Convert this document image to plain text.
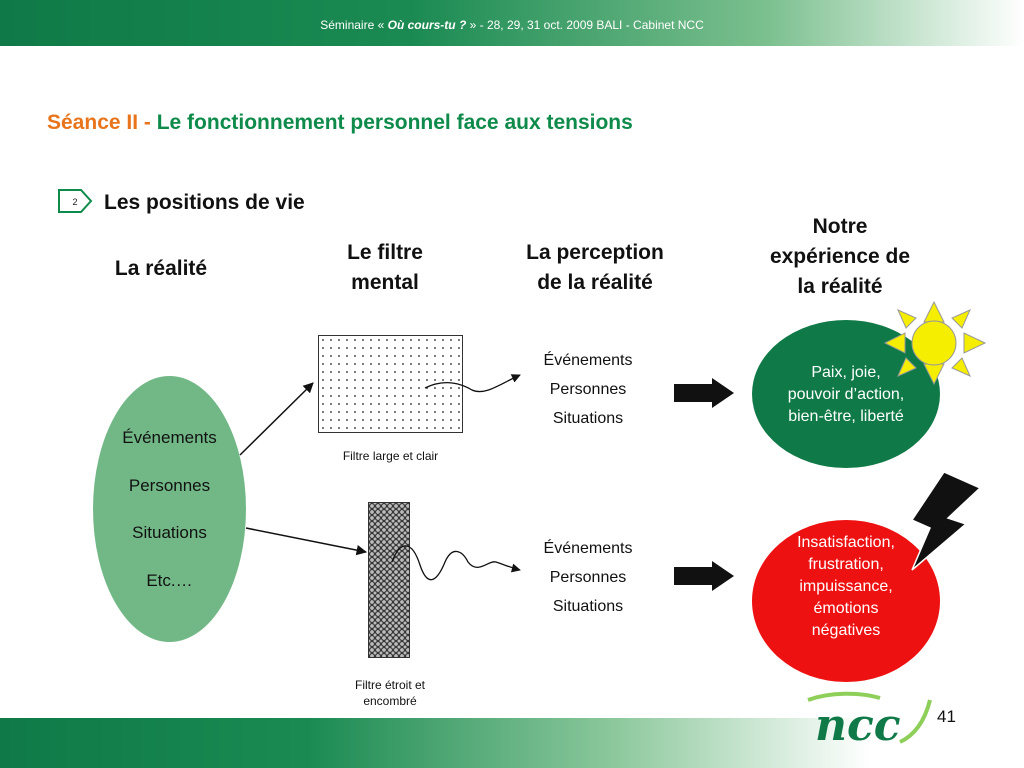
Séminaire « Où cours-tu ? » - 28, 29, 31 oct. 2009 BALI - Cabinet NCC
Séance II - Le fonctionnement personnel face aux tensions
2	Les positions de vie
La réalité
Le filtre
mental
La perception
de la réalité
Notre
expérience de
la réalité
Événements
Personnes
Situations
Etc.…
Filtre large et clair
Filtre étroit et
encombré
Événements
Personnes
Situations
Événements
Personnes
Situations
Paix, joie,
pouvoir d’action,
bien-être, liberté
Insatisfaction,
frustration,
impuissance,
émotions
négatives
ncc 41
